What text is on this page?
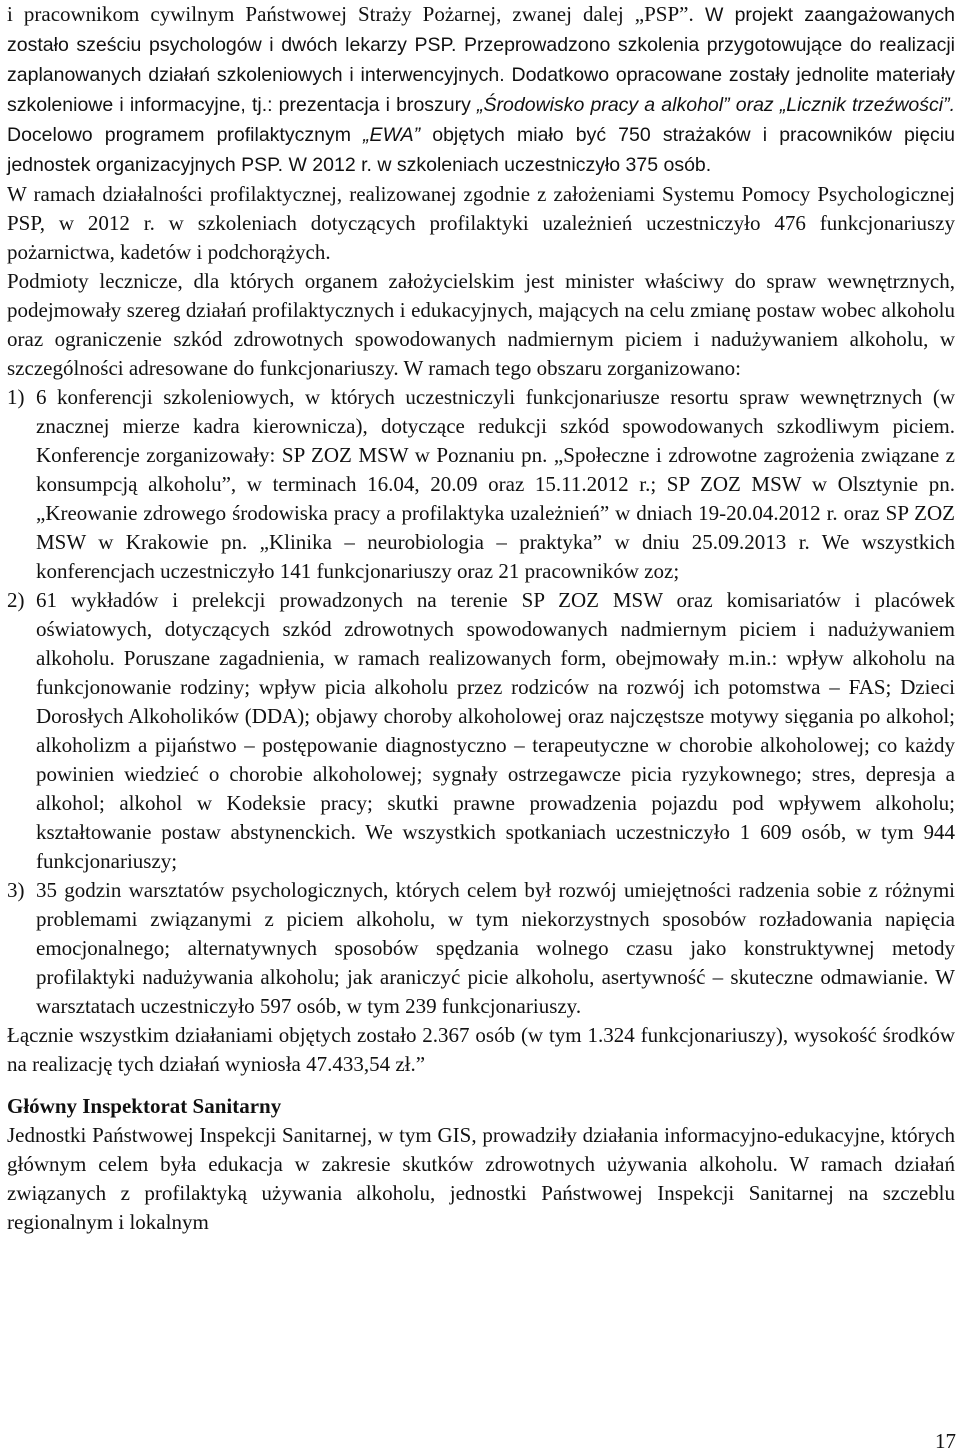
i pracownikom cywilnym Państwowej Straży Pożarnej, zwanej dalej „PSP”. W projekt zaangażowanych zostało sześciu psychologów i dwóch lekarzy PSP. Przeprowadzono szkolenia przygotowujące do realizacji zaplanowanych działań szkoleniowych i interwencyjnych. Dodatkowo opracowane zostały jednolite materiały szkoleniowe i informacyjne, tj.: prezentacja i broszury „Środowisko pracy a alkohol” oraz „Licznik trzeźwości”. Docelowo programem profilaktycznym „EWA” objętych miało być 750 strażaków i pracowników pięciu jednostek organizacyjnych PSP. W 2012 r. w szkoleniach uczestniczyło 375 osób.

W ramach działalności profilaktycznej, realizowanej zgodnie z założeniami Systemu Pomocy Psychologicznej PSP, w 2012 r. w szkoleniach dotyczących profilaktyki uzależnień uczestniczyło 476 funkcjonariuszy pożarnictwa, kadetów i podchorążych.

Podmioty lecznicze, dla których organem założycielskim jest minister właściwy do spraw wewnętrznych, podejmowały szereg działań profilaktycznych i edukacyjnych, mających na celu zmianę postaw wobec alkoholu oraz ograniczenie szkód zdrowotnych spowodowanych nadmiernym piciem i nadużywaniem alkoholu, w szczególności adresowane do funkcjonariuszy. W ramach tego obszaru zorganizowano:

1) 6 konferencji szkoleniowych, w których uczestniczyli funkcjonariusze resortu spraw wewnętrznych (w znacznej mierze kadra kierownicza), dotyczące redukcji szkód spowodowanych szkodliwym piciem. Konferencje zorganizowały: SP ZOZ MSW w Poznaniu pn. „Społeczne i zdrowotne zagrożenia związane z konsumpcją alkoholu”, w terminach 16.04, 20.09 oraz 15.11.2012 r.; SP ZOZ MSW w Olsztynie pn. „Kreowanie zdrowego środowiska pracy a profilaktyka uzależnień” w dniach 19-20.04.2012 r. oraz SP ZOZ MSW w Krakowie pn. „Klinika – neurobiologia – praktyka” w dniu 25.09.2013 r. We wszystkich konferencjach uczestniczyło 141 funkcjonariuszy oraz 21 pracowników zoz;
2) 61 wykładów i prelekcji prowadzonych na terenie SP ZOZ MSW oraz komisariatów i placówek oświatowych, dotyczących szkód zdrowotnych spowodowanych nadmiernym piciem i nadużywaniem alkoholu. Poruszane zagadnienia, w ramach realizowanych form, obejmowały m.in.: wpływ alkoholu na funkcjonowanie rodziny; wpływ picia alkoholu przez rodziców na rozwój ich potomstwa – FAS; Dzieci Dorosłych Alkoholików (DDA); objawy choroby alkoholowej oraz najczęstsze motywy sięgania po alkohol; alkoholizm a pijaństwo – postępowanie diagnostyczno – terapeutyczne w chorobie alkoholowej; co każdy powinien wiedzieć o chorobie alkoholowej; sygnały ostrzegawcze picia ryzykownego; stres, depresja a alkohol; alkohol w Kodeksie pracy; skutki prawne prowadzenia pojazdu pod wpływem alkoholu; kształtowanie postaw abstynenckich. We wszystkich spotkaniach uczestniczyło 1 609 osób, w tym 944 funkcjonariuszy;
3) 35 godzin warsztatów psychologicznych, których celem był rozwój umiejętności radzenia sobie z różnymi problemami związanymi z piciem alkoholu, w tym niekorzystnych sposobów rozładowania napięcia emocjonalnego; alternatywnych sposobów spędzania wolnego czasu jako konstruktywnej metody profilaktyki nadużywania alkoholu; jak araniczyć picie alkoholu, asertywność – skuteczne odmawianie. W warsztatach uczestniczyło 597 osób, w tym 239 funkcjonariuszy.

Łącznie wszystkim działaniami objętych zostało 2.367 osób (w tym 1.324 funkcjonariuszy), wysokość środków na realizację tych działań wyniosła 47.433,54 zł.”

Główny Inspektorat Sanitarny

Jednostki Państwowej Inspekcji Sanitarnej, w tym GIS, prowadziły działania informacyjno-edukacyjne, których głównym celem była edukacja w zakresie skutków zdrowotnych używania alkoholu. W ramach działań związanych z profilaktyką używania alkoholu, jednostki Państwowej Inspekcji Sanitarnej na szczeblu regionalnym i lokalnym

17
